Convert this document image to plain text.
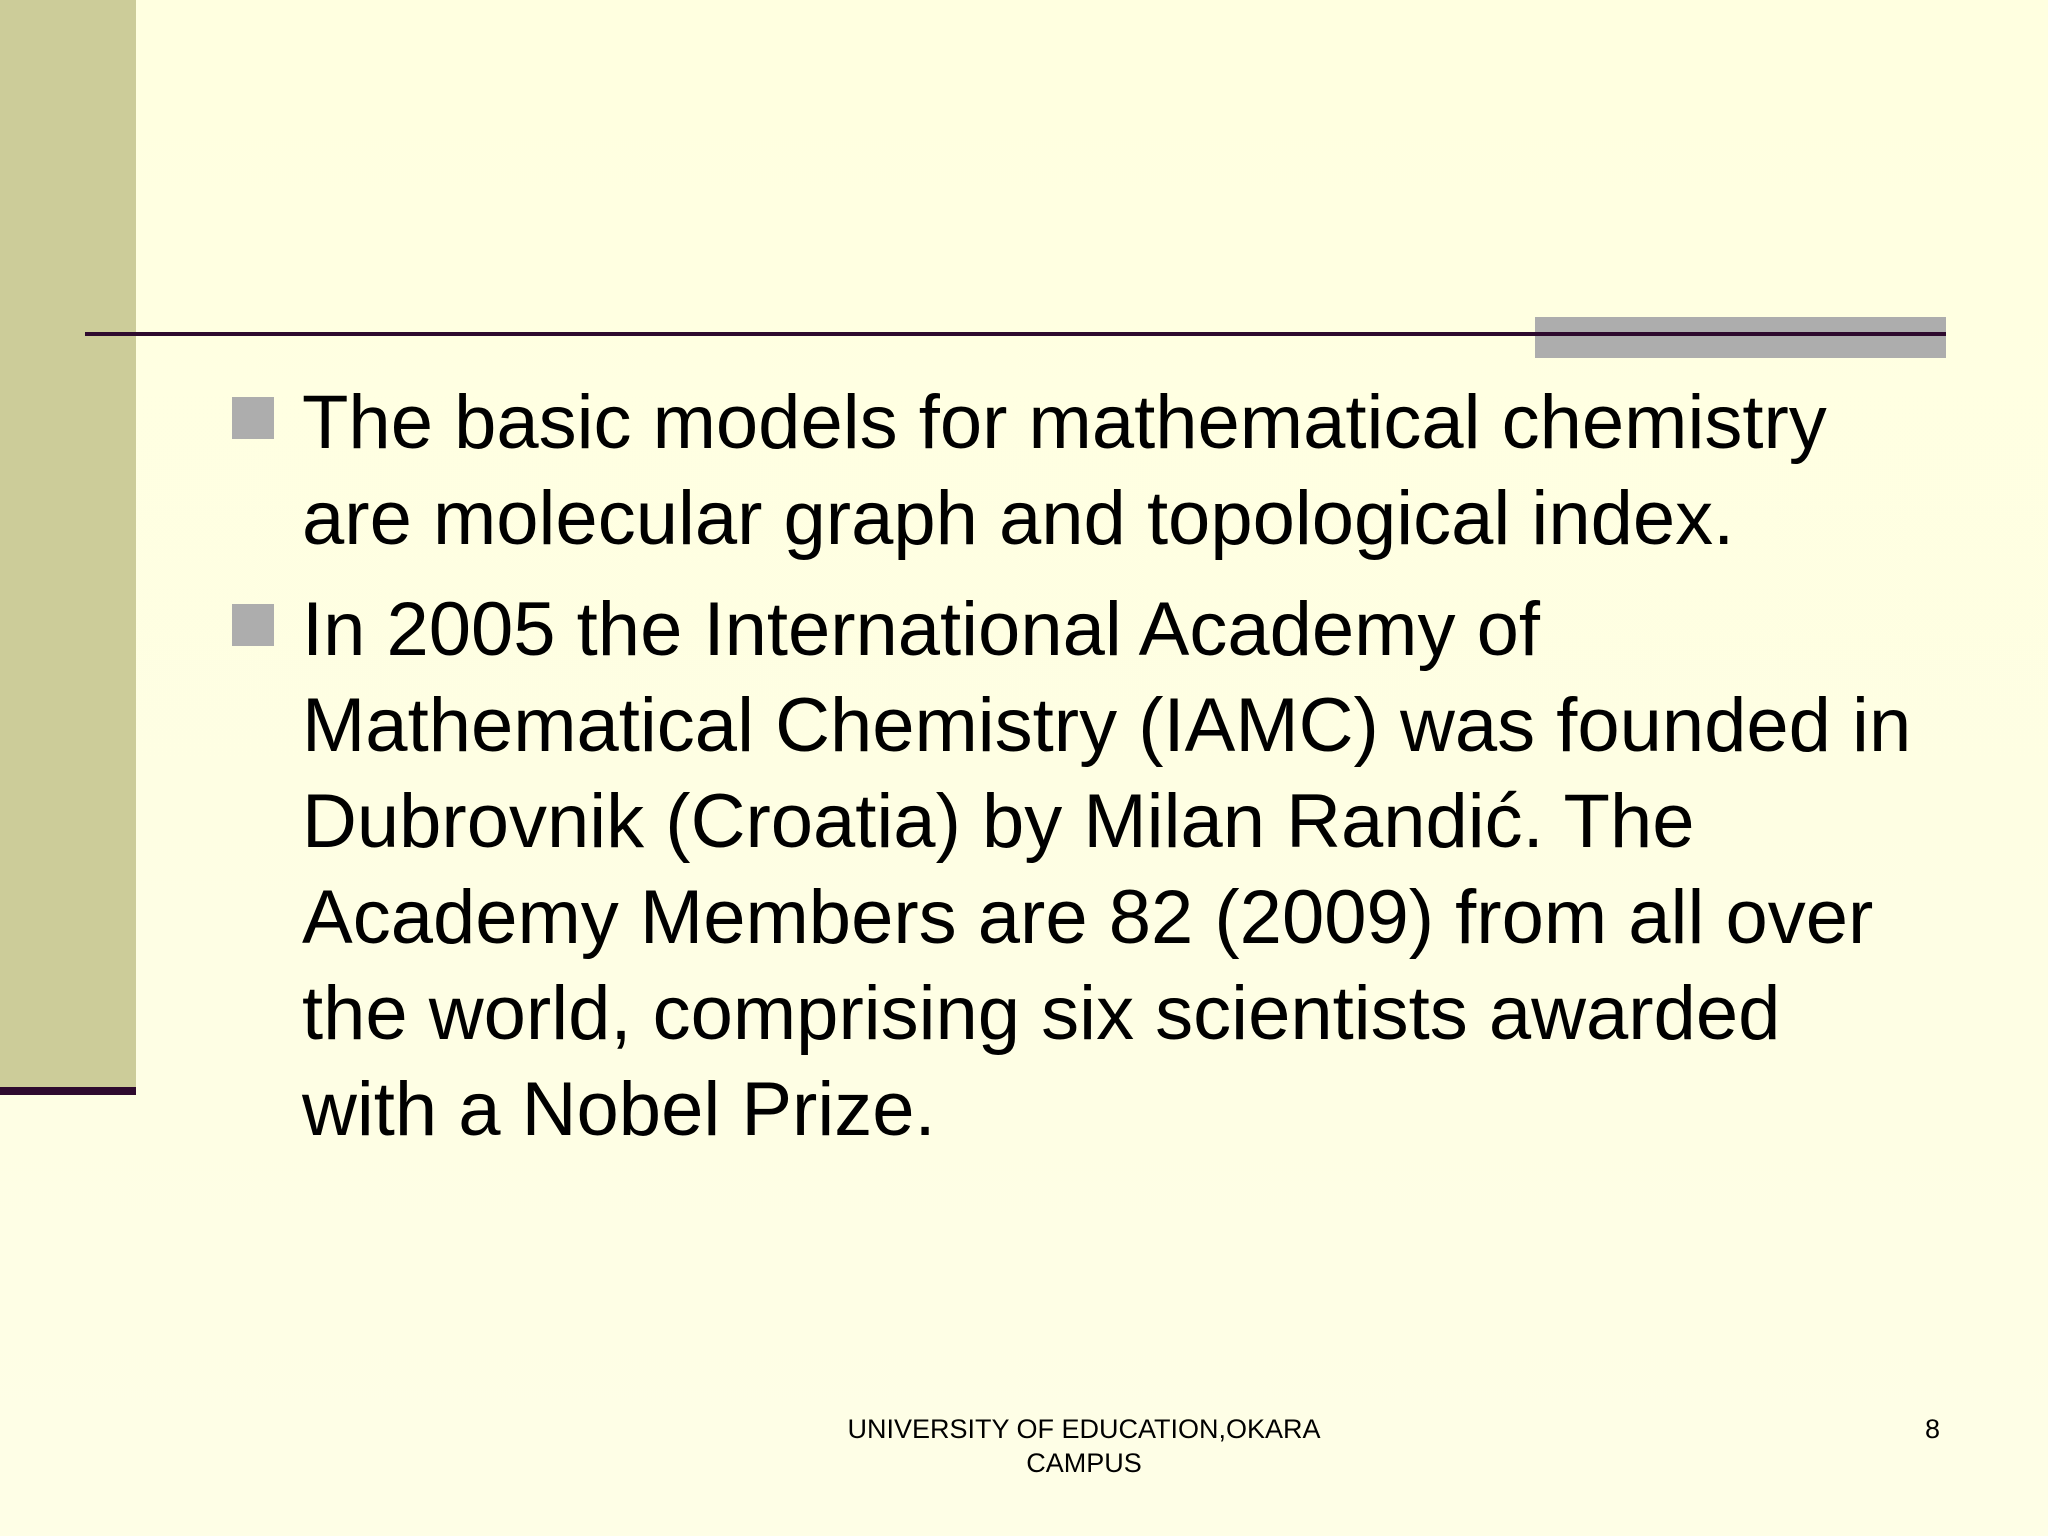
The basic models for mathematical chemistry are molecular graph and topological index.
In 2005 the International Academy of Mathematical Chemistry (IAMC) was founded in Dubrovnik (Croatia) by Milan Randić. The Academy Members are 82 (2009) from all over the world, comprising six scientists awarded with a Nobel Prize.
UNIVERSITY OF EDUCATION,OKARA
CAMPUS
8
